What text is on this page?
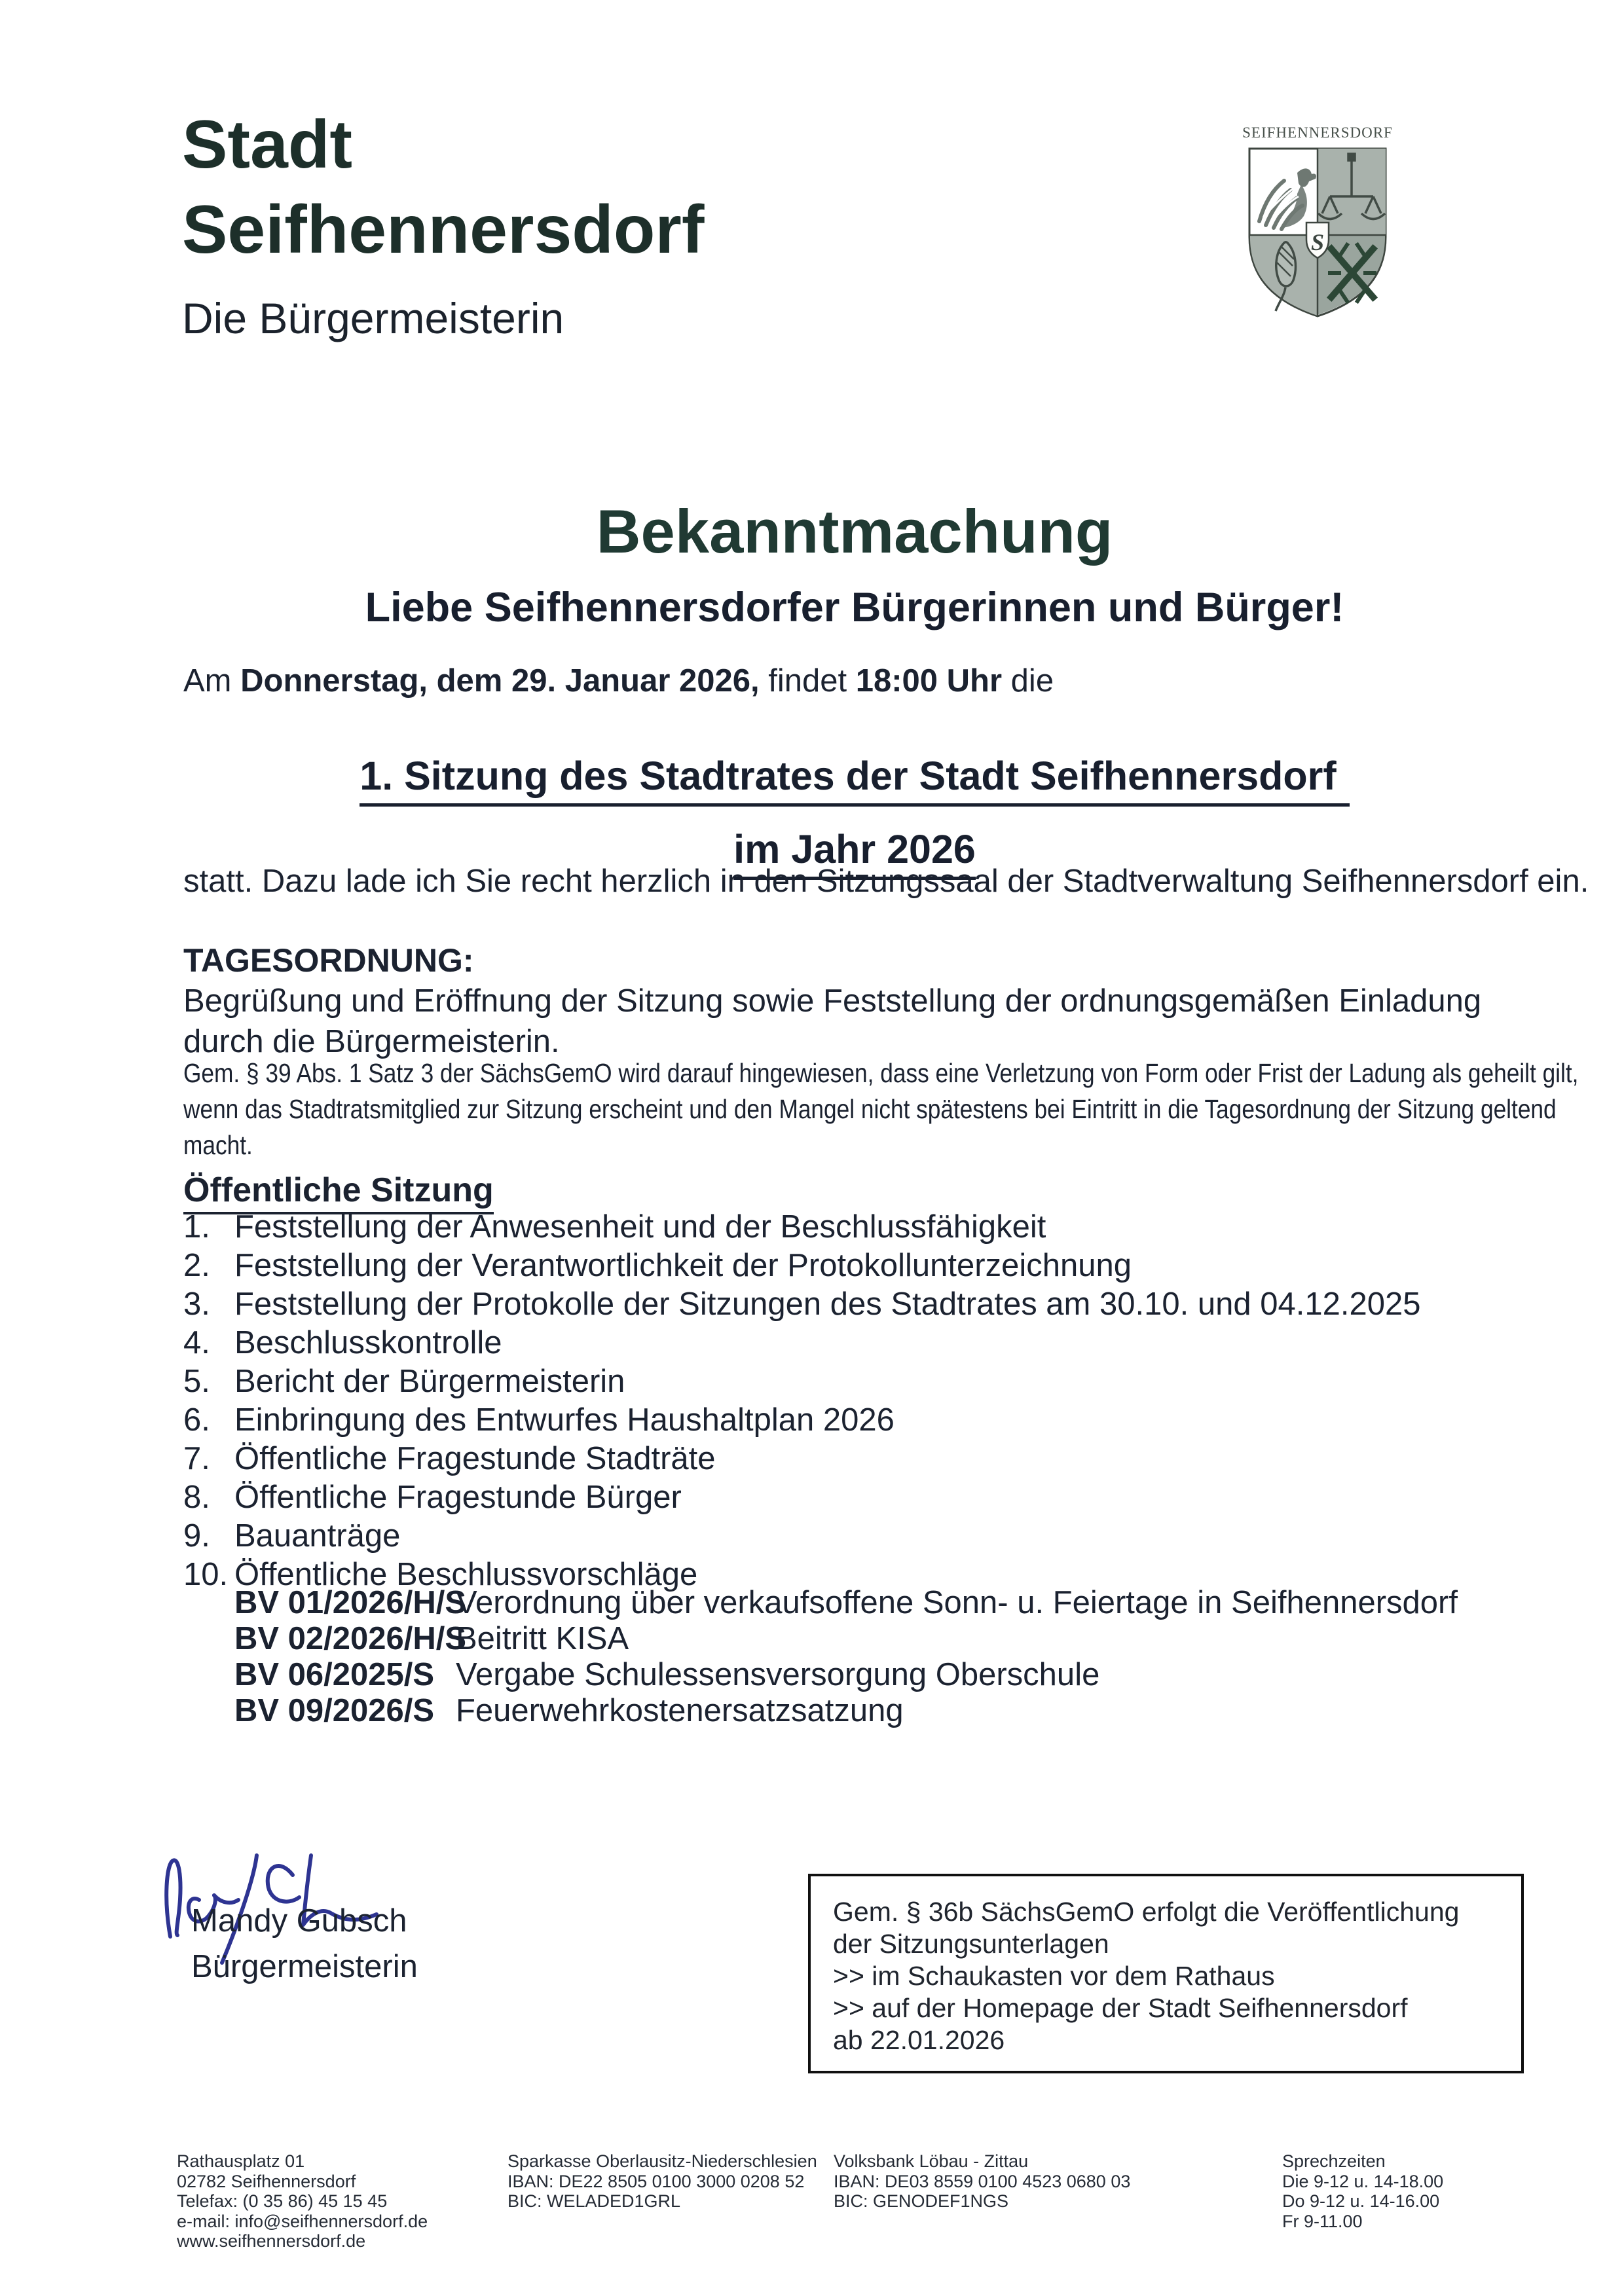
Stadt
Seifhennersdorf
Die Bürgermeisterin
SEIFHENNERSDORF
S
Bekanntmachung
Liebe Seifhennersdorfer Bürgerinnen und Bürger!
Am Donnerstag, dem 29. Januar 2026, findet 18:00 Uhr die
1. Sitzung des Stadtrates der Stadt Seifhennersdorf
im Jahr 2026
statt. Dazu lade ich Sie recht herzlich in den Sitzungssaal der Stadtverwaltung Seifhennersdorf ein.
TAGESORDNUNG:
Begrüßung und Eröffnung der Sitzung sowie Feststellung der ordnungsgemäßen Einladung
durch die Bürgermeisterin.
Gem. § 39 Abs. 1 Satz 3 der SächsGemO wird darauf hingewiesen, dass eine Verletzung von Form oder Frist der Ladung als geheilt gilt,
wenn das Stadtratsmitglied zur Sitzung erscheint und den Mangel nicht spätestens bei Eintritt in die Tagesordnung der Sitzung geltend
macht.
Öffentliche Sitzung
1. Feststellung der Anwesenheit und der Beschlussfähigkeit
2. Feststellung der Verantwortlichkeit der Protokollunterzeichnung
3. Feststellung der Protokolle der Sitzungen des Stadtrates am 30.10. und 04.12.2025
4. Beschlusskontrolle
5. Bericht der Bürgermeisterin
6. Einbringung des Entwurfes Haushaltplan 2026
7. Öffentliche Fragestunde Stadträte
8. Öffentliche Fragestunde Bürger
9. Bauanträge
10. Öffentliche Beschlussvorschläge
BV 01/2026/H/S
Verordnung über verkaufsoffene Sonn- u. Feiertage in Seifhennersdorf
BV 02/2026/H/S
Beitritt KISA
BV 06/2025/S Vergabe Schulessensversorgung Oberschule
BV 09/2026/S Feuerwehrkostenersatzsatzung
Mandy Gubsch
Bürgermeisterin
Gem. § 36b SächsGemO erfolgt die Veröffentlichung
der Sitzungsunterlagen
>> im Schaukasten vor dem Rathaus
>> auf der Homepage der Stadt Seifhennersdorf
ab 22.01.2026
Rathausplatz 01
02782 Seifhennersdorf
Telefax: (0 35 86) 45 15 45
e-mail: info@seifhennersdorf.de
www.seifhennersdorf.de
Sparkasse Oberlausitz-Niederschlesien
IBAN: DE22 8505 0100 3000 0208 52
BIC: WELADED1GRL
Volksbank Löbau - Zittau
IBAN: DE03 8559 0100 4523 0680 03
BIC: GENODEF1NGS
Sprechzeiten
Die 9-12 u. 14-18.00
Do 9-12 u. 14-16.00
Fr 9-11.00
